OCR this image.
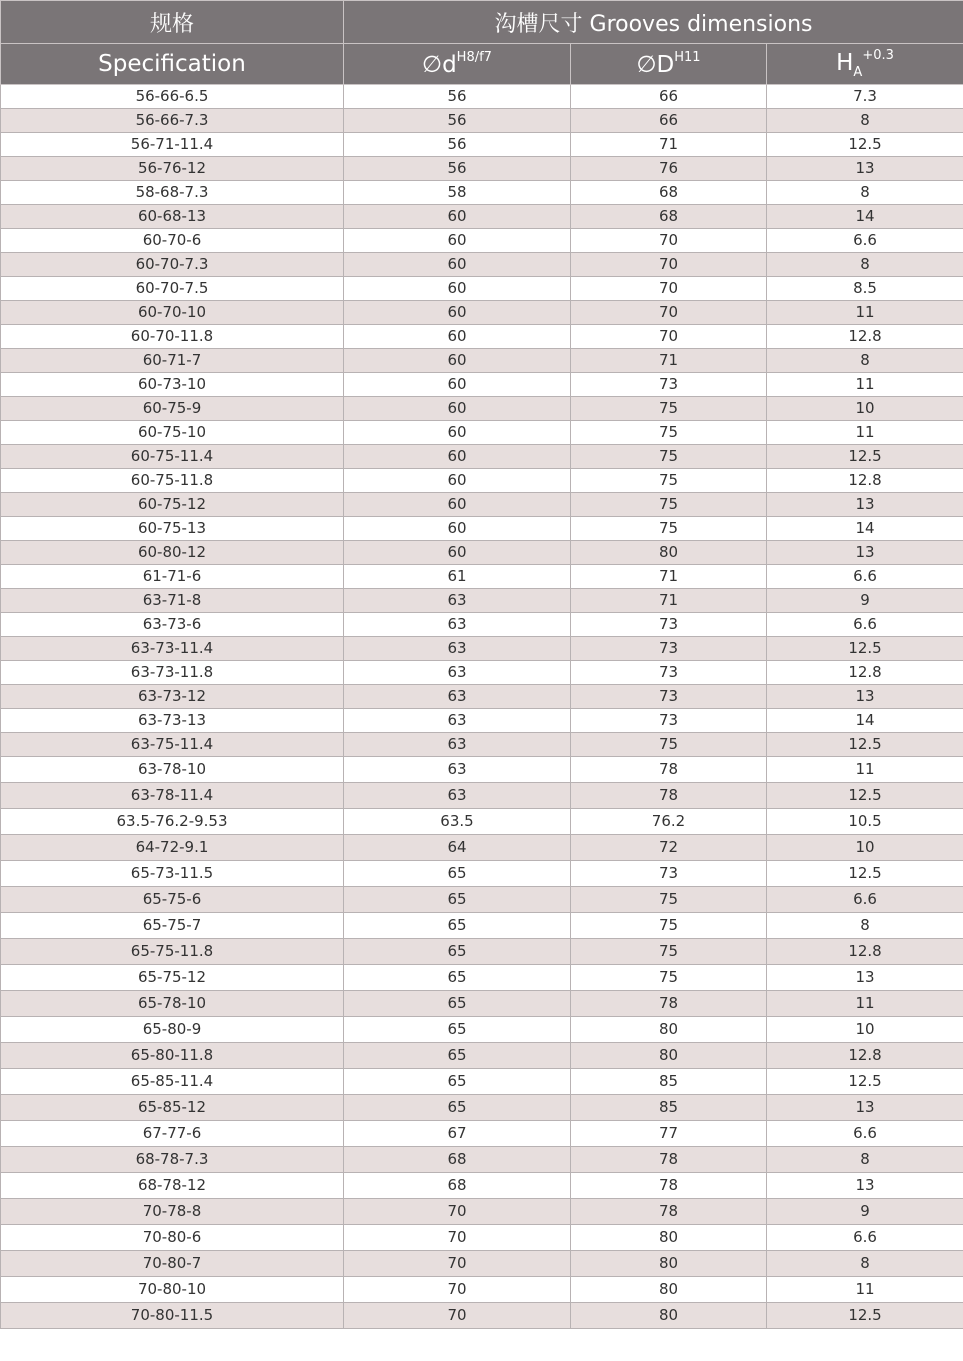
规格	沟槽尺寸 Grooves dimensions		
Specification	$\emptyset d^{H8/f7}$	$\emptyset D^{H11}$	$H_A^{+0.3}$
56-66-6.5	56	66	7.3
56-66-7.3	56	66	8
56-71-11.4	56	71	12.5
56-76-12	56	76	13
58-68-7.3	58	68	8
60-68-13	60	68	14
60-70-6	60	70	6.6
60-70-7.3	60	70	8
60-70-7.5	60	70	8.5
60-70-10	60	70	11
60-70-11.8	60	70	12.8
60-71-7	60	71	8
60-73-10	60	73	11
60-75-9	60	75	10
60-75-10	60	75	11
60-75-11.4	60	75	12.5
60-75-11.8	60	75	12.8
60-75-12	60	75	13
60-75-13	60	75	14
60-80-12	60	80	13
61-71-6	61	71	6.6
63-71-8	63	71	9
63-73-6	63	73	6.6
63-73-11.4	63	73	12.5
63-73-11.8	63	73	12.8
63-73-12	63	73	13
63-73-13	63	73	14
63-75-11.4	63	75	12.5
63-78-10	63	78	11
63-78-11.4	63	78	12.5
63.5-76.2-9.53	63.5	76.2	10.5
64-72-9.1	64	72	10
65-73-11.5	65	73	12.5
65-75-6	65	75	6.6
65-75-7	65	75	8
65-75-11.8	65	75	12.8
65-75-12	65	75	13
65-78-10	65	78	11
65-80-9	65	80	10
65-80-11.8	65	80	12.8
65-85-11.4	65	85	12.5
65-85-12	65	85	13
67-77-6	67	77	6.6
68-78-7.3	68	78	8
68-78-12	68	78	13
70-78-8	70	78	9
70-80-6	70	80	6.6
70-80-7	70	80	8
70-80-10	70	80	11
70-80-11.5	70	80	12.5
